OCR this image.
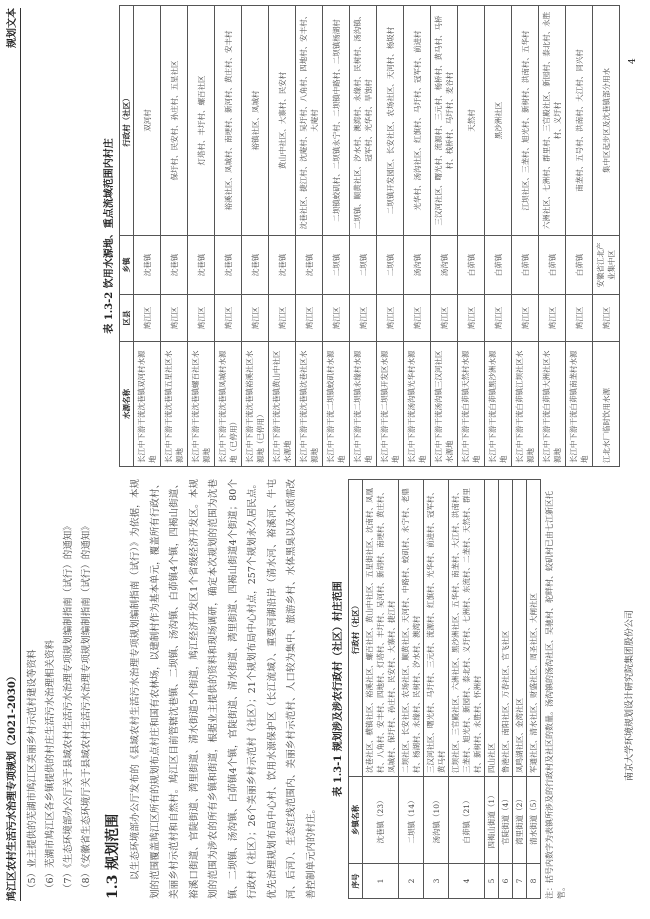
鸠江区农村生活污水治理专项规划（2021-2030）
规划文本
（5）业主提供的芜湖市鸠江区美丽乡村示范村建设等资料 （6）芜湖市鸠江区各乡镇提供的村庄生活污水治理相关资料 （7）《生态环境部办公厅关于县域农村生活污水治理专项规划编制指南（试行）的通知》 （8）《安徽省生态环境厅关于县域农村生活污水治理专项规划编制指南（试行）的通知》 1.3 规划范围 以生态环境部办公厅发布的《县域农村生活污水治理专项规划编制指南（试行）》为依据，本规划的范围覆盖鸠江区所有的规划布点村庄和国有农林场，以建制村作为基本单元，覆盖所有行政村、美丽乡村示范村和自然村。鸠江区目前管辖沈巷镇、二坝镇、汤沟镇、白茆镇4个镇，四褐山街道、裕溪口街道、官陡街道、湾里街道、清水街道5个街道，鸠江经济开发区1个省级经济开发区。本规划的范围为涉农的所有乡镇和街道，根据业主提供的资料和现场调研，确定本次规划的范围为沈巷镇、二坝镇、汤沟镇、白茆镇4个镇，官陡街道、清水街道、湾里街道、四褐山街道4个街道；80个行政村（社区）；26个美丽乡村示范村（社区）；21个规划布局中心村点，257个规划永久居民点。优先治理规划布局中心村、饮用水源保护区（长江流域）、重要河湖沿岸（清水河、裕溪河、牛屯河、后河）、生态红线范围内、美丽乡村示范村、人口较为集中、旅游乡村、水体黑臭以及水质需改善控制单元内的村庄。
表 1.3-1 规划涉及涉农行政村（社区）村庄范围
序号	乡镇名称	行政村（社区）
1	沈巷镇（23）	沈巷社区、横镇社区、裕溪社区、螺百社区、黄山中社区、五星街社区、沈南村、凤凰村、八角村、安丰村、四地村、灯塔村、丰圩村、吴河村、新胡村、南埂村、黄庄村、凤城村、保圩村、孙庄村、民安村、大寨村、捷江村
2	二坝镇（14）	二坝社区、长安社区、农场社区、顺黄社区、天河村、中路村、蛟矶村、永宁村、老鼎村、杨湖村、永缘村、民树村、汐水村、澳湾村
3	汤沟镇（10）	三汉河社区、曙光村、马圩村、三元村、流源村、红旗村、光华村、前进村、冠军村、黄马村
4	白茆镇（21）	江坝社区、三官殿社区、六洲社区、黑沙洲社区、五华村、南垄村、大江村、洪南村、三垄村、旭光村、新园村、泰北村、义圩村、七洲村、东流村、二垄村、天然村、群里村、新树村、永胜村、怀洲村
5	四褐山街道（1）	四山社区
6	官陡街道（4）	鲁港社区、南阳社区、万春社区、官飞社区
7	湾里街道（2）	凤鸣湖社区、金湾社区
8	清水街道（5）	军通社区、清水社区、财盛社区、周圣社区、大闸社区 注：括号内数字为表镇所涉及的行政村及社区的数量。汤沟镇的汤沟社区、吴驰村、驼畔村、蛟矶村已由七江新区托管。
表 1.3-2 饮用水源地、重点流域范围内村庄
水源名称	区县	乡镇	行政村（社区）
长江中下游干流沈巷镇双河村水源地	鸠江区	沈巷镇	双河村
长江中下游干流沈巷镇五星社区水源地	鸠江区	沈巷镇	保圩村、民安村、孙庄村、五星社区
长江中下游干流沈巷镇螺百社区水源地	鸠江区	沈巷镇	灯塔村、丰圩村、螺百社区
长江中下游干流沈巷镇凤城村水源地（已停用）	鸠江区	沈巷镇	裕溪社区、凤城村、南埂村、新河村、黄庄村、安丰村
长江中下游干流沈巷镇裕溪社区水源地（已停用）	鸠江区	沈巷镇	裕镇社区、凤城村
长江中下游干流沈巷镇黄山中社区水源地	鸠江区	沈巷镇	黄山中社区、大寨村、民安村
长江中下游干流沈巷镇沈巷社区水源地	鸠江区	沈巷镇	沈巷社区、捷江村、沈庵村、吴圩村、八角村、四地村、安丰村、大庵村
长江中下游干流二坝镇蛟矶村水源地	鸠江区	二坝镇	二坝镇蛟矶村、二坝镇永宁村、二坝镇中路村、二坝镇杨湖村
长江中下游干流二坝镇永缘村水源地	鸠江区	二坝镇	二坝镇、顺黄社区、汐水村、澳湾村、永缘村、民树村、汤沟镇、冠军村、光华村、旱蚀村
长江中下游干流二坝镇开发区水源地	鸠江区	二坝镇	二坝镇开发园区、长安社区、农场社区、天河村、杨圾村
长江中下游干流汤沟镇光华村水源地	鸠江区	汤沟镇	光华村、汤沟社区、红旗村、马圩村、冠军村、前进村
长江中下游干流汤沟镇三汉河社区水源地	鸠江区	汤沟镇	三汉河社区、曙光村、流源村、三元村、杨桥村、黄马村、马桥村、栈桥村、马圩村、麦谷村
长江中下游干流白茆镇天然村水源地	鸠江区	白茆镇	天然村
长江中下游干流白茆镇黑沙洲水源地	鸠江区	白茆镇	黑沙洲社区
长江中下游干流白茆镇江坝社区水源地	鸠江区	白茆镇	江坝社区、三垄村、旭光村、新树村、洪南村、五华村
长江中下游干流白茆镇大洲社区水源地	鸠江区	白茆镇	六洲社区、七洲村、群里村、三官殿社区、新园村、泰北村、永胜村、义圩村
长江中下游干流白茆镇南垄村水源地	鸠江区	白茆镇	南垄村、五号村、洪南村、大江村、同兴村
江北水厂临时饮用水源	鸠江区	安徽省江北产业集中区	集中区起步区及沈巷镇部分用水
南京大学环境规划设计研究院集团股份公司
4
